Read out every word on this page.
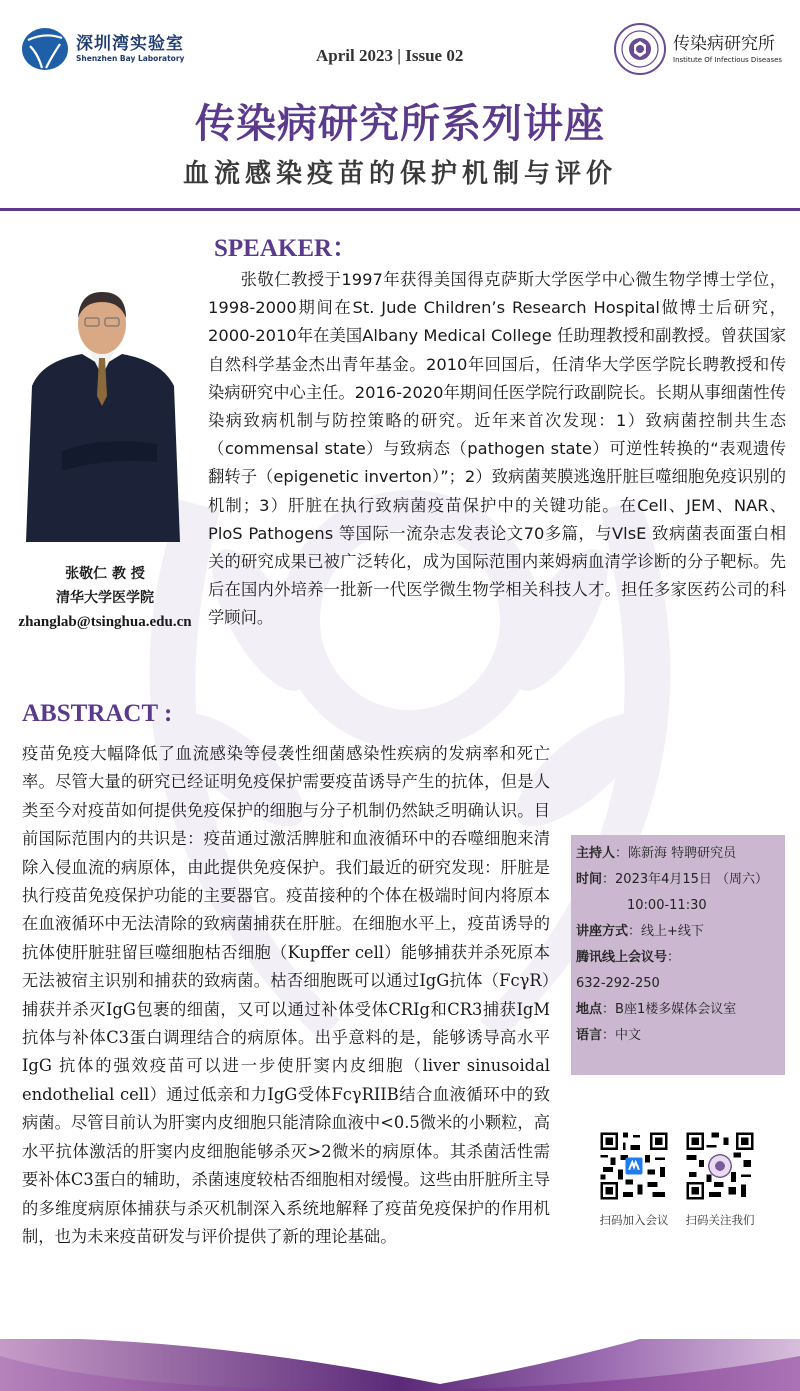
深圳湾实验室
Shenzhen Bay Laboratory	April 2023 | Issue 02
传染病研究所
Institute Of Infectious Diseases
传染病研究所系列讲座
血流感染疫苗的保护机制与评价
SPEAKER：
张敬仁 教 授
清华大学医学院
zhanglab@tsinghua.edu.cn
张敬仁教授于1997年获得美国得克萨斯大学医学中心微生物学博士学位，1998-2000期间在St. Jude Children’s Research Hospital做博士后研究，2000-2010年在美国Albany Medical College 任助理教授和副教授。曾获国家自然科学基金杰出青年基金。2010年回国后，任清华大学医学院长聘教授和传染病研究中心主任。2016-2020年期间任医学院行政副院长。长期从事细菌性传染病致病机制与防控策略的研究。近年来首次发现：1）致病菌控制共生态（commensal state）与致病态（pathogen state）可逆性转换的“表观遗传翻转子（epigenetic inverton）”；2）致病菌荚膜逃逸肝脏巨噬细胞免疫识别的机制；3）肝脏在执行致病菌疫苗保护中的关键功能。在Cell、JEM、NAR、PloS Pathogens 等国际一流杂志发表论文70多篇，与VlsE 致病菌表面蛋白相关的研究成果已被广泛转化，成为国际范围内莱姆病血清学诊断的分子靶标。先后在国内外培养一批新一代医学微生物学相关科技人才。担任多家医药公司的科学顾问。
ABSTRACT :
疫苗免疫大幅降低了血流感染等侵袭性细菌感染性疾病的发病率和死亡率。尽管大量的研究已经证明免疫保护需要疫苗诱导产生的抗体，但是人类至今对疫苗如何提供免疫保护的细胞与分子机制仍然缺乏明确认识。目前国际范围内的共识是：疫苗通过激活脾脏和血液循环中的吞噬细胞来清除入侵血流的病原体，由此提供免疫保护。我们最近的研究发现：肝脏是执行疫苗免疫保护功能的主要器官。疫苗接种的个体在极端时间内将原本在血液循环中无法清除的致病菌捕获在肝脏。在细胞水平上，疫苗诱导的抗体使肝脏驻留巨噬细胞枯否细胞（Kupffer cell）能够捕获并杀死原本无法被宿主识别和捕获的致病菌。枯否细胞既可以通过IgG抗体（FcγR）捕获并杀灭IgG包裹的细菌，又可以通过补体受体CRIg和CR3捕获IgM抗体与补体C3蛋白调理结合的病原体。出乎意料的是，能够诱导高水平IgG 抗体的强效疫苗可以进一步使肝窦内皮细胞（liver sinusoidal endothelial cell）通过低亲和力IgG受体FcγRIIB结合血液循环中的致病菌。尽管目前认为肝窦内皮细胞只能清除血液中<0.5微米的小颗粒，高水平抗体激活的肝窦内皮细胞能够杀灭>2微米的病原体。其杀菌活性需要补体C3蛋白的辅助，杀菌速度较枯否细胞相对缓慢。这些由肝脏所主导的多维度病原体捕获与杀灭机制深入系统地解释了疫苗免疫保护的作用机制，也为未来疫苗研发与评价提供了新的理论基础。
主持人：陈新海 特聘研究员
时间：2023年4月15日 （周六）
10:00-11:30
讲座方式：线上+线下
腾讯线上会议号：
632-292-250
地点：B座1楼多媒体会议室
语言：中文
扫码加入会议	扫码关注我们
